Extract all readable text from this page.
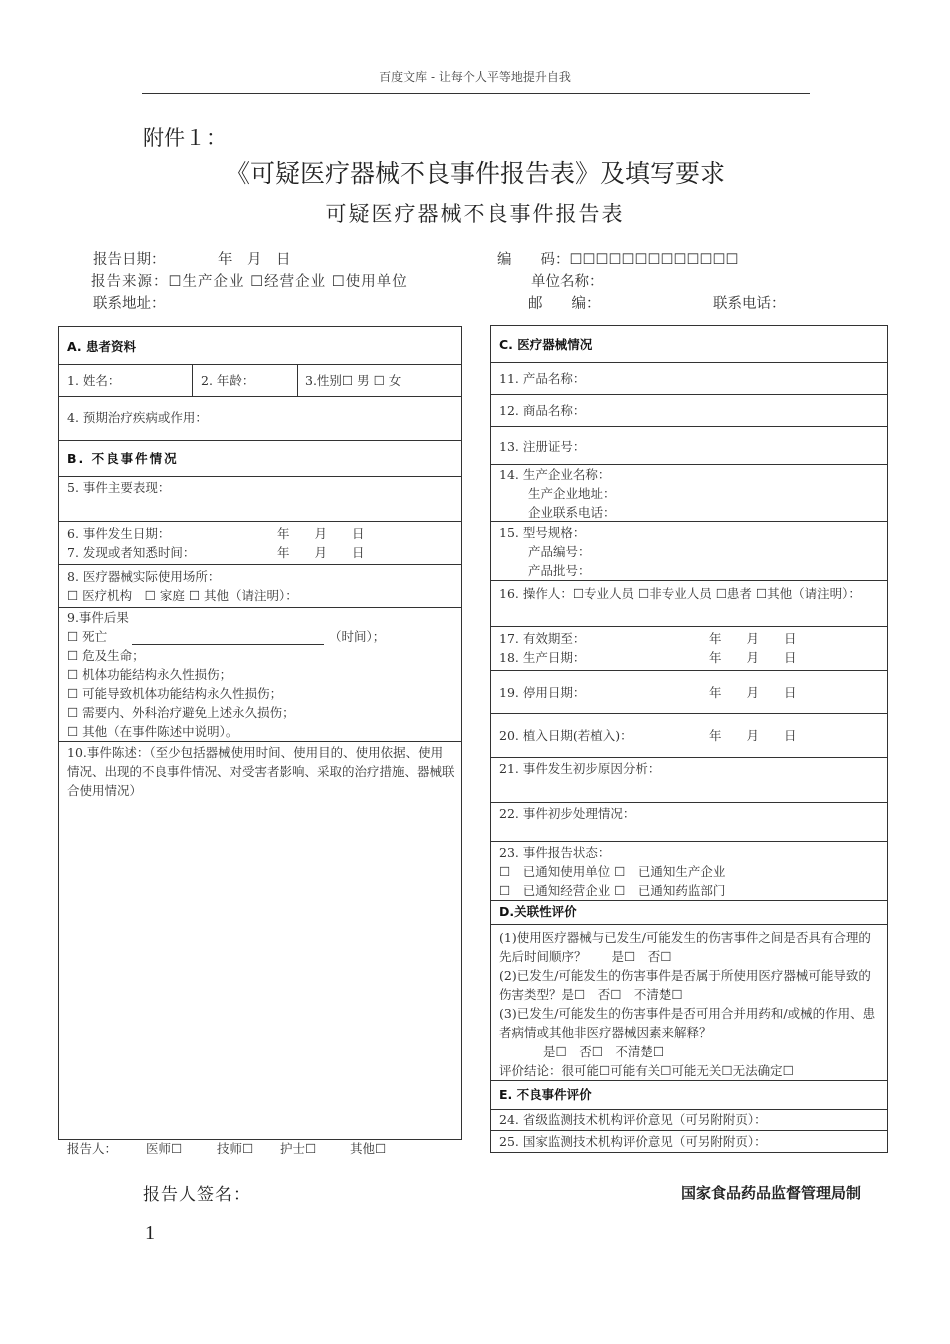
百度文库 - 让每个人平等地提升自我
附件１：
《可疑医疗器械不良事件报告表》及填写要求
可疑医疗器械不良事件报告表
报告日期：	年　月　日	编　　码：☐☐☐☐☐☐☐☐☐☐☐☐☐
报告来源：☐生产企业 ☐经营企业 ☐使用单位	单位名称：
联系地址：	邮　　编：	联系电话：
A. 患者资料
1. 姓名：	2. 年龄：	3.性别☐ 男 ☐ 女
4. 预期治疗疾病或作用：
B. 不良事件情况
5. 事件主要表现：
6. 事件发生日期：	年　　月　　日
7. 发现或者知悉时间：	年　　月　　日
8. 医疗器械实际使用场所：
☐ 医疗机构　☐ 家庭 ☐ 其他（请注明）：
9.事件后果
☐ 死亡	（时间）；
☐ 危及生命；
☐ 机体功能结构永久性损伤；
☐ 可能导致机体功能结构永久性损伤；
☐ 需要内、外科治疗避免上述永久损伤；
☐ 其他（在事件陈述中说明）。
10.事件陈述：（至少包括器械使用时间、使用目的、使用依据、使用情况、出现的不良事件情况、对受害者影响、采取的治疗措施、器械联合使用情况）
C. 医疗器械情况
11. 产品名称：
12. 商品名称：
13. 注册证号：
14. 生产企业名称：
生产企业地址：
企业联系电话：
15. 型号规格：
产品编号：
产品批号：
16. 操作人：☐专业人员 ☐非专业人员 ☐患者 ☐其他（请注明）：
17. 有效期至：	年　　月　　日
18. 生产日期：	年　　月　　日
19. 停用日期：	年　　月　　日
20. 植入日期(若植入)：	年　　月　　日
21. 事件发生初步原因分析：
22. 事件初步处理情况：
23. 事件报告状态：
☐　已通知使用单位 ☐　已通知生产企业
☐　已通知经营企业 ☐　已通知药监部门
D.关联性评价
(1)使用医疗器械与已发生/可能发生的伤害事件之间是否具有合理的先后时间顺序？　　是☐　否☐
(2)已发生/可能发生的伤害事件是否属于所使用医疗器械可能导致的伤害类型？是☐　否☐　不清楚☐
(3)已发生/可能发生的伤害事件是否可用合并用药和/或械的作用、患者病情或其他非医疗器械因素来解释？
是☐　否☐　不清楚☐
评价结论：很可能☐可能有关☐可能无关☐无法确定☐
E. 不良事件评价
24. 省级监测技术机构评价意见（可另附附页）：
25. 国家监测技术机构评价意见（可另附附页）：
报告人： 医师☐	技师☐ 护士☐	其他☐
报告人签名：	国家食品药品监督管理局制
1
